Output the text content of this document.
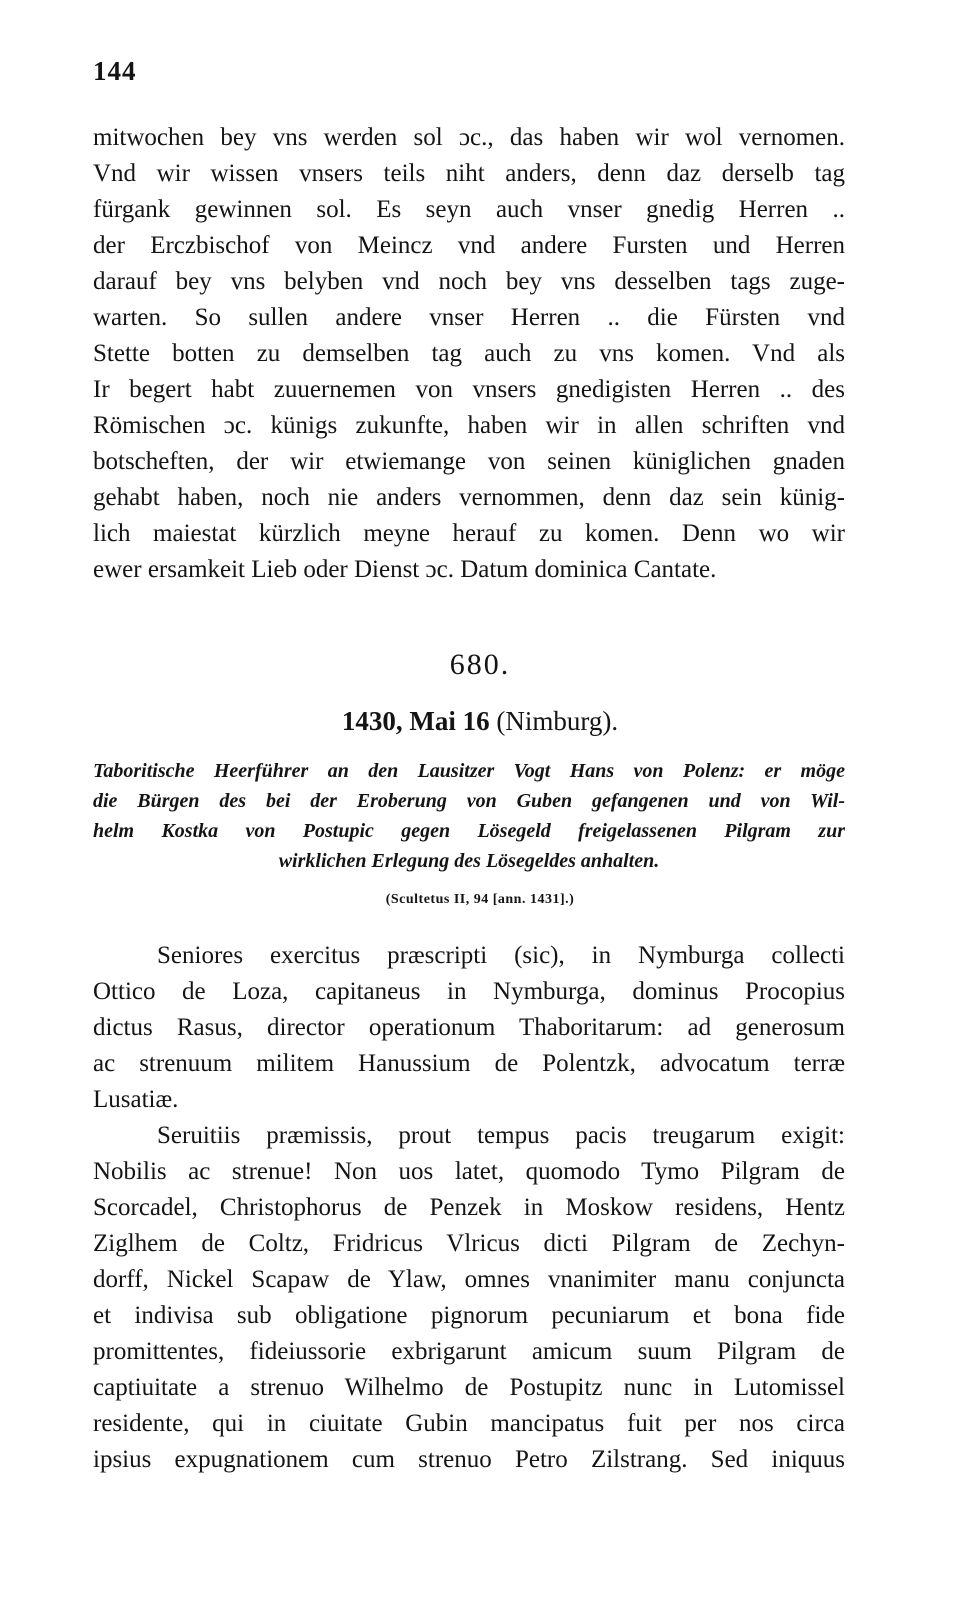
144
mitwochen bey vns werden sol ɔc., das haben wir wol vernomen.
Vnd wir wissen vnsers teils niht anders, denn daz derselb tag
fürgank gewinnen sol. Es seyn auch vnser gnedig Herren ..
der Erczbischof von Meincz vnd andere Fursten und Herren
darauf bey vns belyben vnd noch bey vns desselben tags zuge-
warten. So sullen andere vnser Herren .. die Fürsten vnd
Stette botten zu demselben tag auch zu vns komen. Vnd als
Ir begert habt zuuernemen von vnsers gnedigisten Herren .. des
Römischen ɔc. künigs zukunfte, haben wir in allen schriften vnd
botscheften, der wir etwiemange von seinen küniglichen gnaden
gehabt haben, noch nie anders vernommen, denn daz sein künig-
lich maiestat kürzlich meyne herauf zu komen. Denn wo wir
ewer ersamkeit Lieb oder Dienst ɔc. Datum dominica Cantate.
680.
1430, Mai 16 (Nimburg).
Taboritische Heerführer an den Lausitzer Vogt Hans von Polenz: er möge
die Bürgen des bei der Eroberung von Guben gefangenen und von Wil-
helm Kostka von Postupic gegen Lösegeld freigelassenen Pilgram zur
wirklichen Erlegung des Lösegeldes anhalten.
(Scultetus II, 94 [ann. 1431].)
Seniores exercitus præscripti (sic), in Nymburga collecti
Ottico de Loza, capitaneus in Nymburga, dominus Procopius
dictus Rasus, director operationum Thaboritarum: ad generosum
ac strenuum militem Hanussium de Polentzk, advocatum terræ
Lusatiæ.
Seruitiis præmissis, prout tempus pacis treugarum exigit:
Nobilis ac strenue! Non uos latet, quomodo Tymo Pilgram de
Scorcadel, Christophorus de Penzek in Moskow residens, Hentz
Ziglhem de Coltz, Fridricus Vlricus dicti Pilgram de Zechyn-
dorff, Nickel Scapaw de Ylaw, omnes vnanimiter manu conjuncta
et indivisa sub obligatione pignorum pecuniarum et bona fide
promittentes, fideiussorie exbrigarunt amicum suum Pilgram de
captiuitate a strenuo Wilhelmo de Postupitz nunc in Lutomissel
residente, qui in ciuitate Gubin mancipatus fuit per nos circa
ipsius expugnationem cum strenuo Petro Zilstrang. Sed iniquus
